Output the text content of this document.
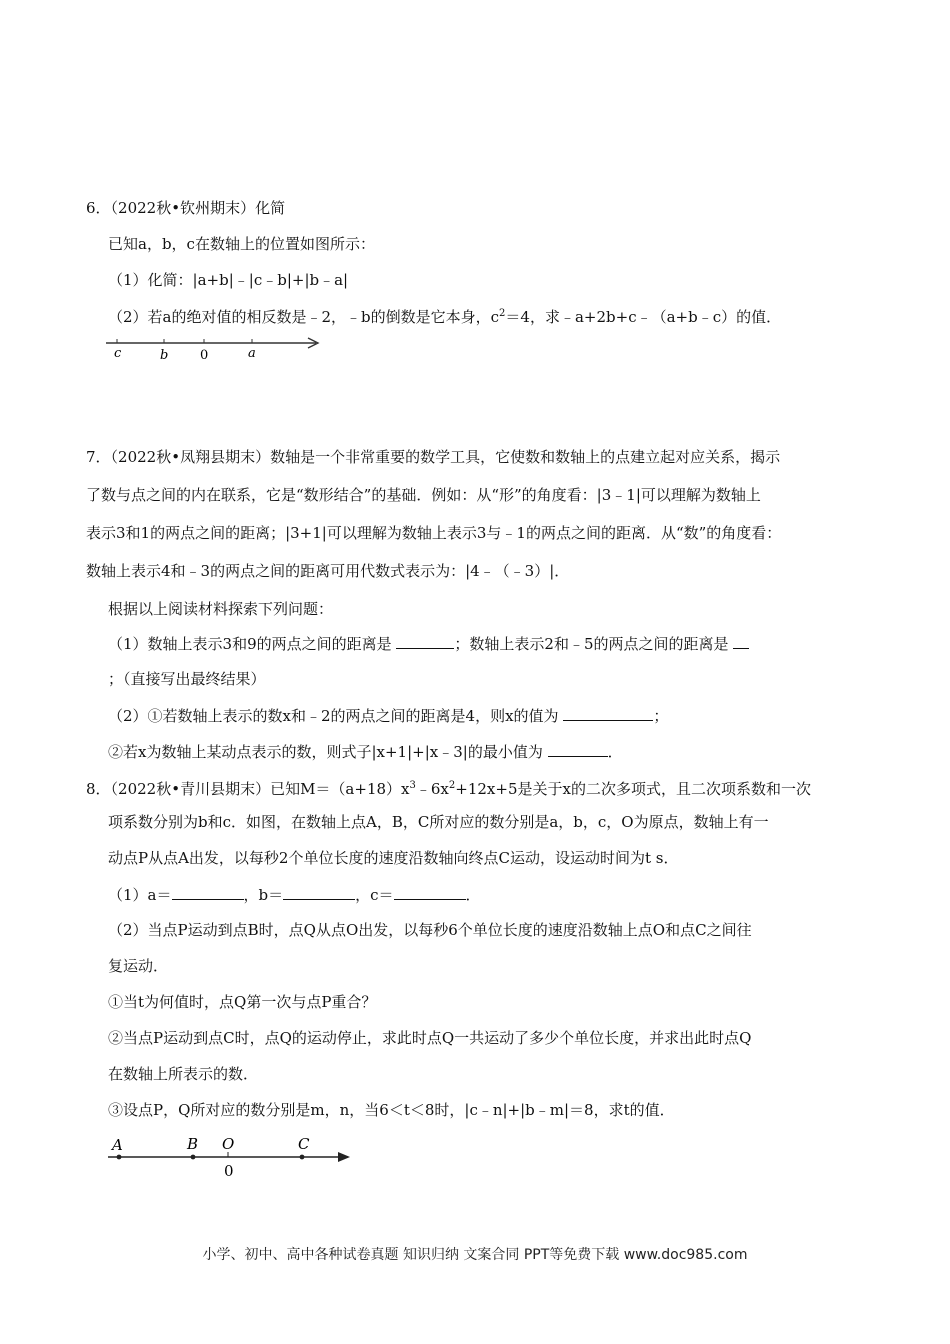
6．（2022秋•钦州期末）化简
已知a，b，c在数轴上的位置如图所示：
（1）化简：|a+b|﹣|c﹣b|+|b﹣a|
（2）若a的绝对值的相反数是﹣2，﹣b的倒数是它本身，$c^2=4$，求﹣a+2b+c﹣（a+b﹣c）的值．
c	b 0	a
7．（2022秋•凤翔县期末）数轴是一个非常重要的数学工具，它使数和数轴上的点建立起对应关系，揭示
了数与点之间的内在联系，它是“数形结合”的基础．例如：从“形”的角度看：|3﹣1|可以理解为数轴上
表示3和1的两点之间的距离；|3+1|可以理解为数轴上表示3与﹣1的两点之间的距离．从“数”的角度看：
数轴上表示4和﹣3的两点之间的距离可用代数式表示为：|4﹣（﹣3）|．
根据以上阅读材料探索下列问题：
（1）数轴上表示3和9的两点之间的距离是	；数轴上表示2和﹣5的两点之间的距离是
；（直接写出最终结果）
（2）①若数轴上表示的数x和﹣2的两点之间的距离是4，则x的值为	；
②若x为数轴上某动点表示的数，则式子|x+1|+|x﹣3|的最小值为	．
8．（2022秋•青川县期末）已知$M=(a+18)x^3﹣6x^2+12x+5$是关于x的二次多项式，且二次项系数和一次
项系数分别为b和c．如图，在数轴上点A，B，C所对应的数分别是a，b，c，O为原点，数轴上有一
动点P从点A出发，以每秒2个单位长度的速度沿数轴向终点C运动，设运动时间为t s．
（1）a＝	，b＝	，c＝	．
（2）当点P运动到点B时，点Q从点O出发，以每秒6个单位长度的速度沿数轴上点O和点C之间往
复运动．
①当t为何值时，点Q第一次与点P重合？
②当点P运动到点C时，点Q的运动停止，求此时点Q一共运动了多少个单位长度，并求出此时点Q
在数轴上所表示的数．
③设点P，Q所对应的数分别是m，n，当6＜t＜8时，|c﹣n|+|b﹣m|＝8，求t的值．
A	B O	C
0
小学、初中、高中各种试卷真题 知识归纳 文案合同 PPT等免费下载 www.doc985.com
